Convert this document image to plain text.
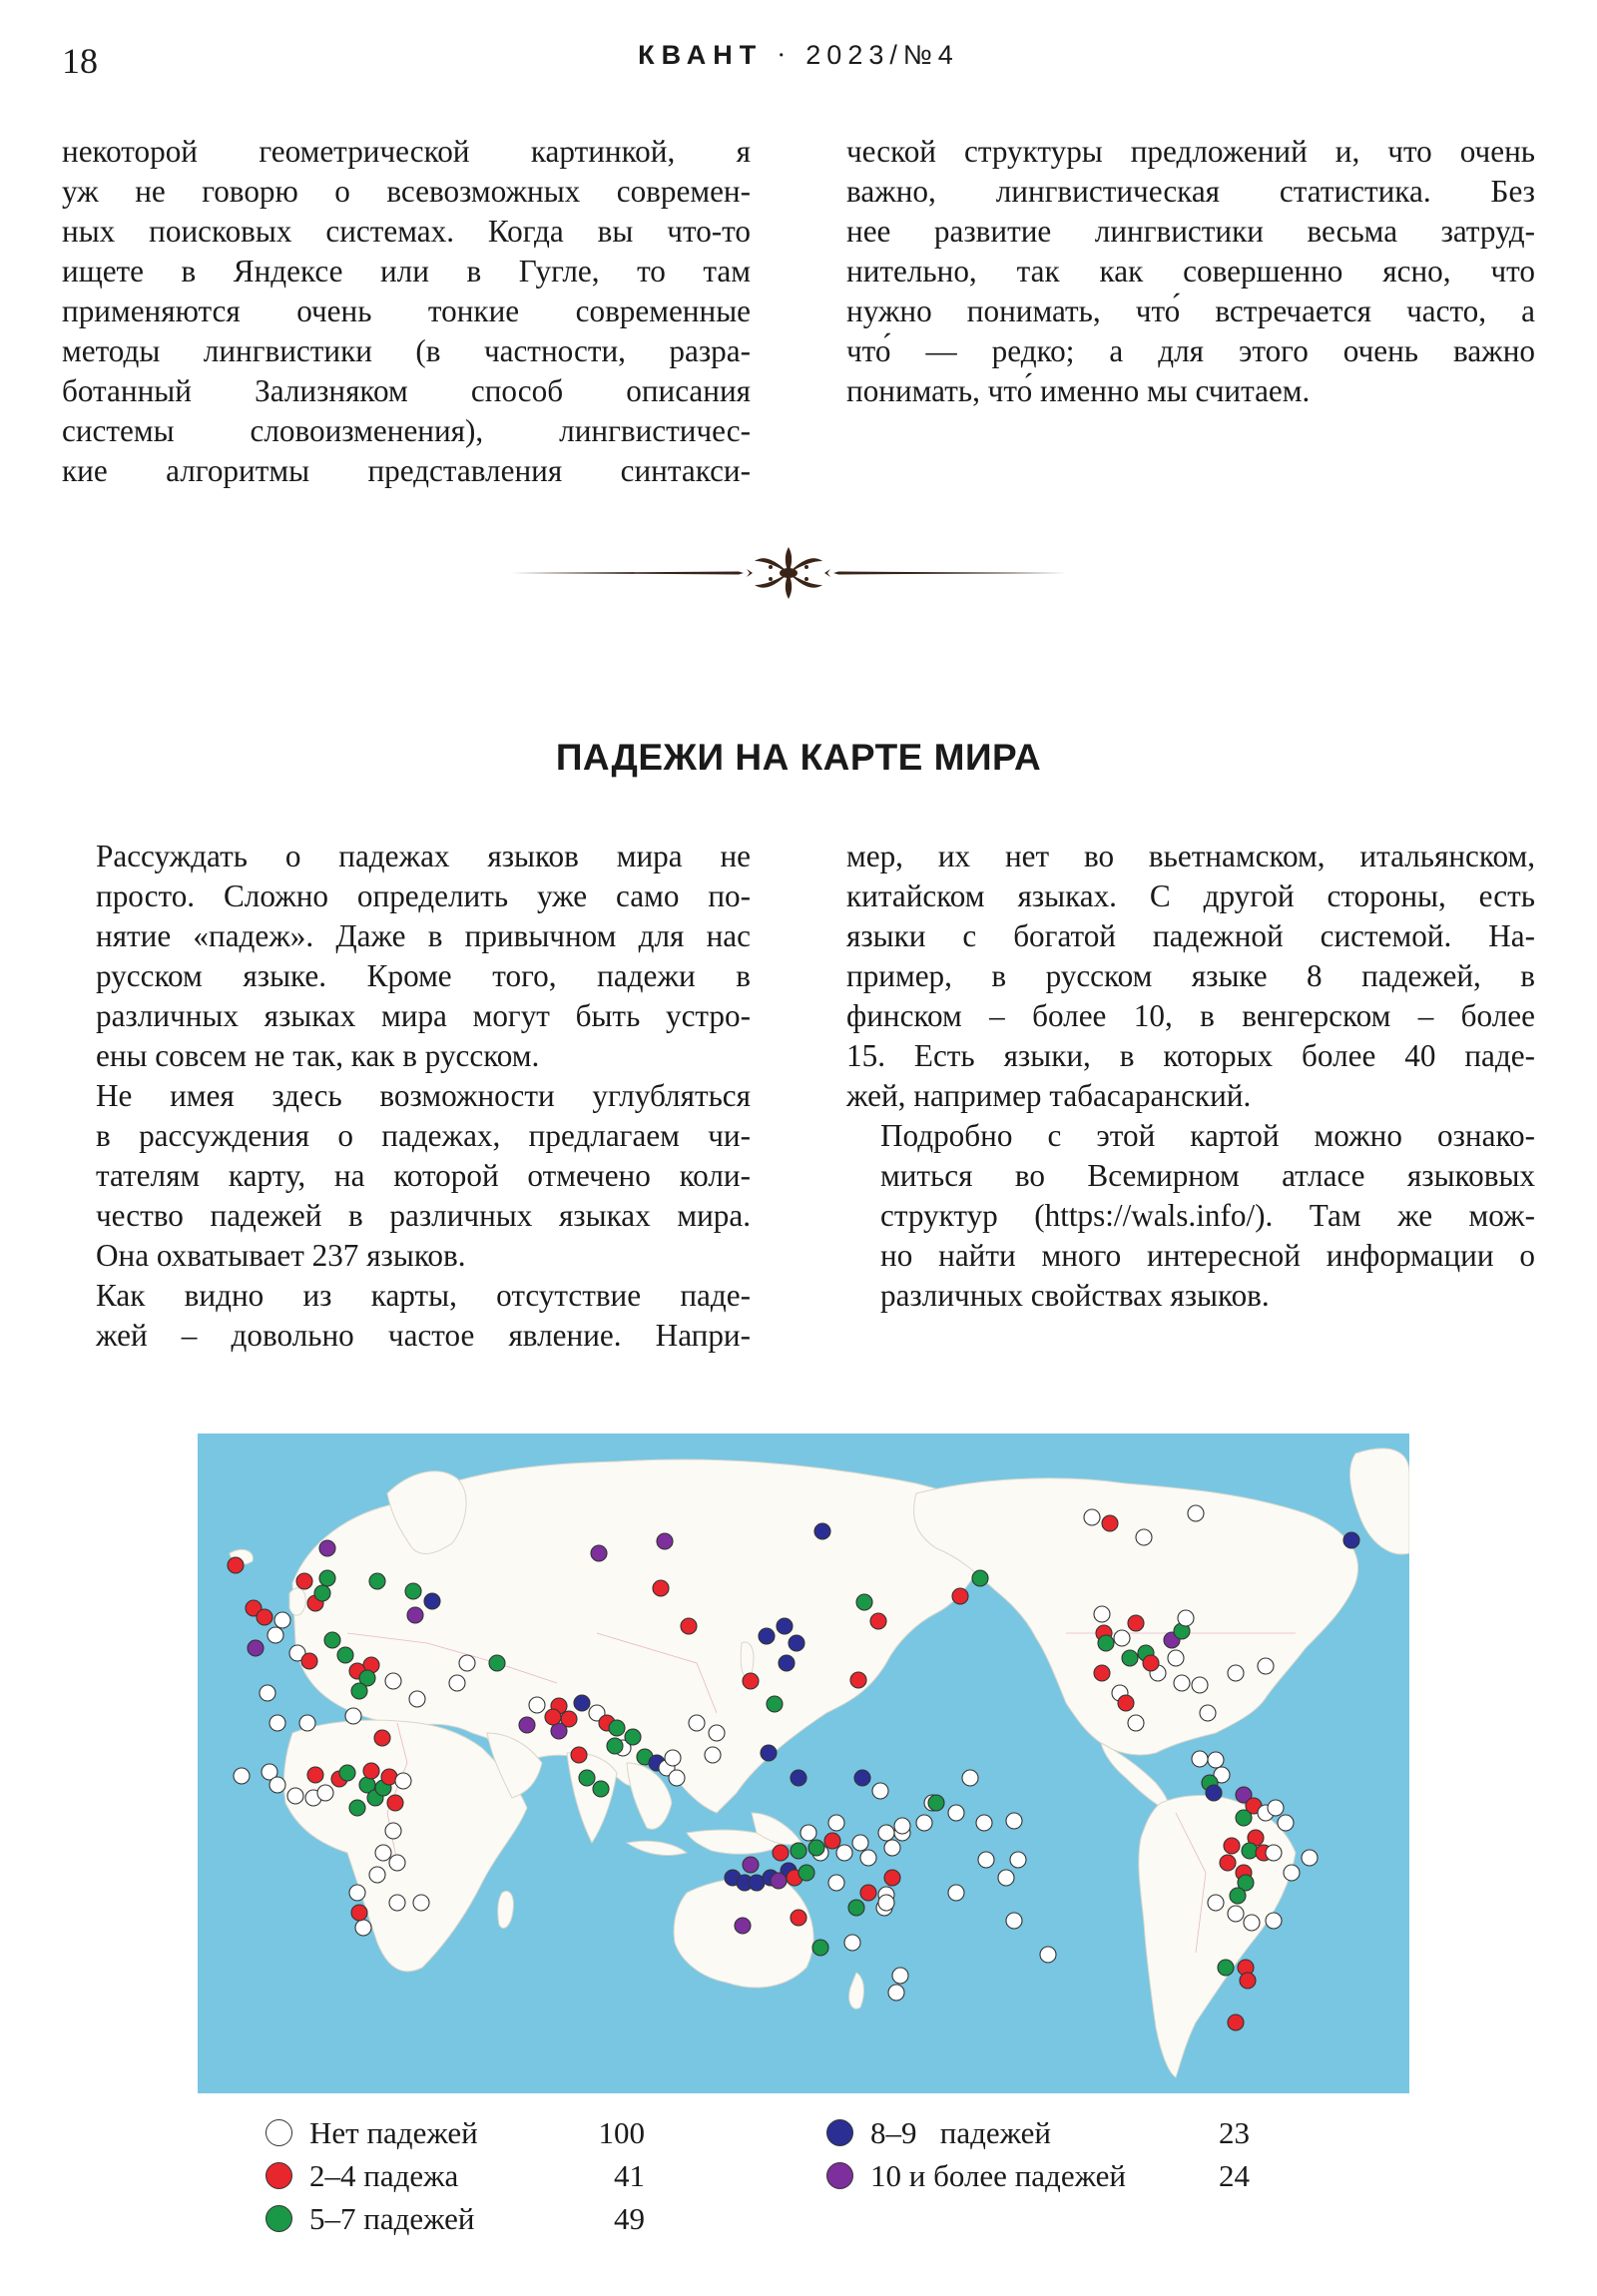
18	КВАНТ · 2023/№4

некоторой геометрической картинкой, я
уж не говорю о всевозможных современ-
ных поисковых системах. Когда вы что-то
ищете в Яндексе или в Гугле, то там
применяются очень тонкие современные
методы лингвистики (в частности, разра-
ботанный Зализняком способ описания
системы словоизменения), лингвистичес-
кие алгоритмы представления синтакси-

ческой структуры предложений и, что очень
важно, лингвистическая статистика. Без
нее развитие лингвистики весьма затруд-
нительно, так как совершенно ясно, что
нужно понимать, что́ встречается часто, а
что́ — редко; а для этого очень важно
понимать, что́ именно мы считаем.

ПАДЕЖИ НА КАРТЕ МИРА

Рассуждать о падежах языков мира не
просто. Сложно определить уже само по-
нятие «падеж». Даже в привычном для нас
русском языке. Кроме того, падежи в
различных языках мира могут быть устро-
ены совсем не так, как в русском.

Не имея здесь возможности углубляться
в рассуждения о падежах, предлагаем чи-
тателям карту, на которой отмечено коли-
чество падежей в различных языках мира.
Она охватывает 237 языков.

Как видно из карты, отсутствие паде-
жей – довольно частое явление. Напри-

мер, их нет во вьетнамском, итальянском,
китайском языках. С другой стороны, есть
языки с богатой падежной системой. На-
пример, в русском языке 8 падежей, в
финском – более 10, в венгерском – более
15. Есть языки, в которых более 40 паде-
жей, например табасаранский.

Подробно с этой картой можно ознако-
миться во Всемирном атласе языковых
структур (https://wals.info/). Там же мож-
но найти много интересной информации о
различных свойствах языков.

Нет падежей	100
2–4 падежа	41
5–7 падежей	49
8–9   падежей	23
10 и более падежей	24
